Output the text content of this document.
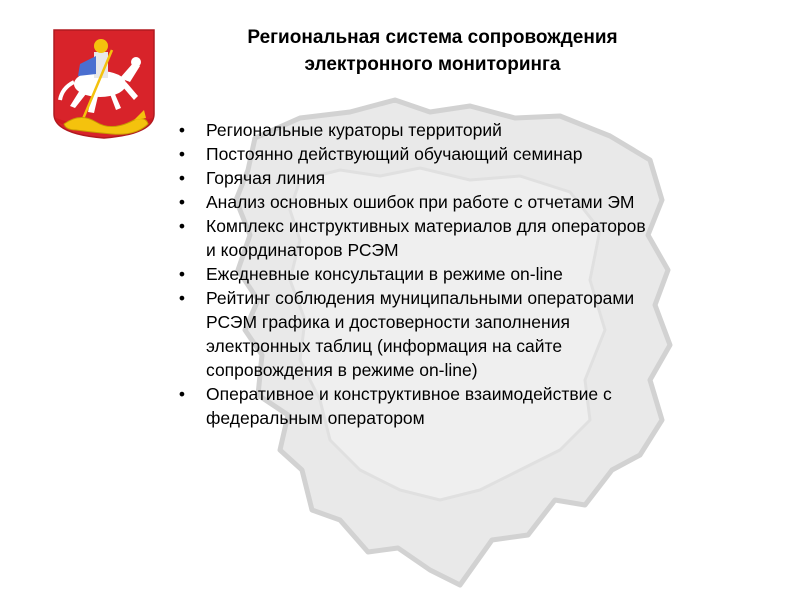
Региональная система сопровождения
электронного мониторинга
•	Региональные кураторы территорий
•	Постоянно действующий обучающий семинар
•	Горячая линия
•	Анализ основных ошибок при работе с отчетами ЭМ
•	Комплекс инструктивных материалов для операторов
и координаторов РСЭМ
•	Ежедневные консультации в режиме on-line
•	Рейтинг соблюдения муниципальными операторами
РСЭМ графика и достоверности заполнения
электронных таблиц (информация на сайте
сопровождения в режиме on-line)
•	Оперативное и конструктивное взаимодействие с
федеральным оператором
